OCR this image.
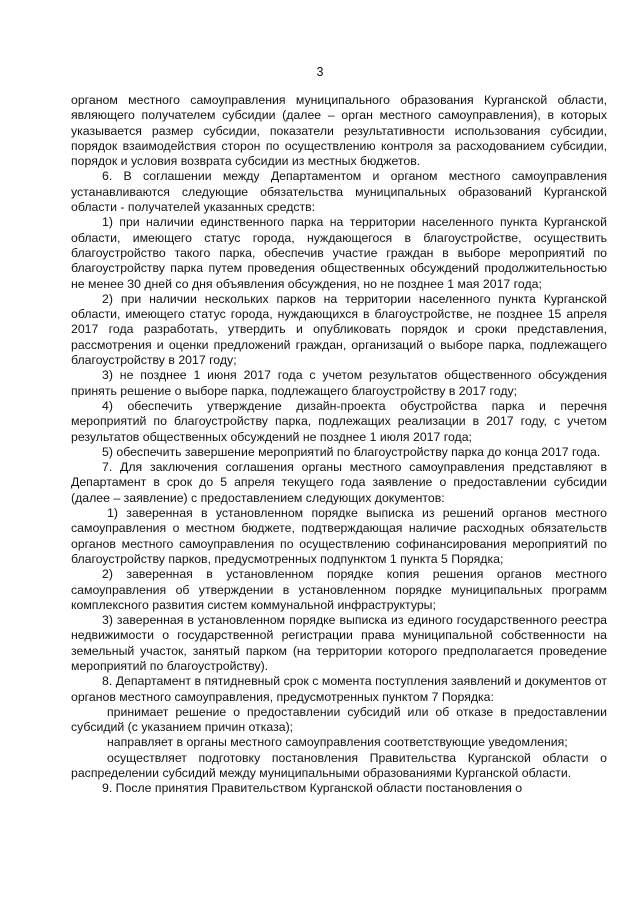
3

органом местного самоуправления муниципального образования Курганской области, являющего получателем субсидии (далее – орган местного самоуправления), в которых указывается размер субсидии, показатели результативности использования субсидии, порядок взаимодействия сторон по осуществлению контроля за расходованием субсидии, порядок и условия возврата субсидии из местных бюджетов.

6. В соглашении между Департаментом и органом местного самоуправления устанавливаются следующие обязательства муниципальных образований Курганской области - получателей указанных средств:

1) при наличии единственного парка на территории населенного пункта Курганской области, имеющего статус города, нуждающегося в благоустройстве, осуществить благоустройство такого парка, обеспечив участие граждан в выборе мероприятий по благоустройству парка путем проведения общественных обсуждений продолжительностью не менее 30 дней со дня объявления обсуждения, но не позднее 1 мая 2017 года;

2) при наличии нескольких парков на территории населенного пункта Курганской области, имеющего статус города, нуждающихся в благоустройстве, не позднее 15 апреля 2017 года разработать, утвердить и опубликовать порядок и сроки представления, рассмотрения и оценки предложений граждан, организаций о выборе парка, подлежащего благоустройству в 2017 году;

3) не позднее 1 июня 2017 года с учетом результатов общественного обсуждения принять решение о выборе парка, подлежащего благоустройству в 2017 году;

4) обеспечить утверждение дизайн-проекта обустройства парка и перечня мероприятий по благоустройству парка, подлежащих реализации в 2017 году, с учетом результатов общественных обсуждений не позднее 1 июля 2017 года;

5) обеспечить завершение мероприятий по благоустройству парка до конца 2017 года.

7. Для заключения соглашения органы местного самоуправления представляют в Департамент в срок до 5 апреля текущего года заявление о предоставлении субсидии (далее – заявление) с предоставлением следующих документов:

1) заверенная в установленном порядке выписка из решений органов местного самоуправления о местном бюджете, подтверждающая наличие расходных обязательств органов местного самоуправления по осуществлению софинансирования мероприятий по благоустройству парков, предусмотренных подпунктом 1 пункта 5 Порядка;

2) заверенная в установленном порядке копия решения органов местного самоуправления об утверждении в установленном порядке муниципальных программ комплексного развития систем коммунальной инфраструктуры;

3) заверенная в установленном порядке выписка из единого государственного реестра недвижимости о государственной регистрации права муниципальной собственности на земельный участок, занятый парком (на территории которого предполагается проведение мероприятий по благоустройству).

8. Департамент в пятидневный срок с момента поступления заявлений и документов от органов местного самоуправления, предусмотренных пунктом 7 Порядка:

принимает решение о предоставлении субсидий или об отказе в предоставлении субсидий (с указанием причин отказа);

направляет в органы местного самоуправления соответствующие уведомления;

осуществляет подготовку постановления Правительства Курганской области о распределении субсидий между муниципальными образованиями Курганской области.

9. После принятия Правительством Курганской области постановления о
